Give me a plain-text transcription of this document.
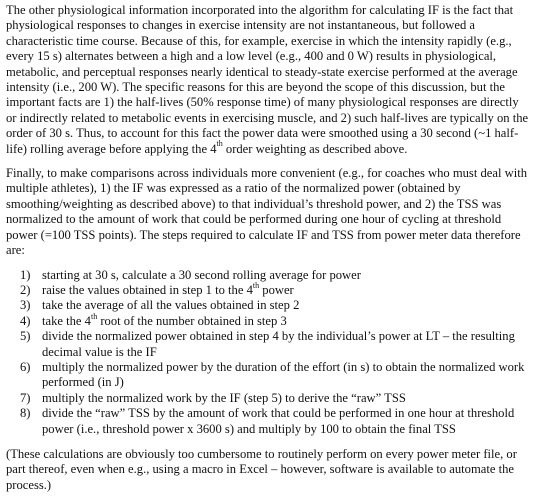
The other physiological information incorporated into the algorithm for calculating IF is the fact that physiological responses to changes in exercise intensity are not instantaneous, but followed a characteristic time course. Because of this, for example, exercise in which the intensity rapidly (e.g., every 15 s) alternates between a high and a low level (e.g., 400 and 0 W) results in physiological, metabolic, and perceptual responses nearly identical to steady-state exercise performed at the average intensity (i.e., 200 W). The specific reasons for this are beyond the scope of this discussion, but the important facts are 1) the half-lives (50% response time) of many physiological responses are directly or indirectly related to metabolic events in exercising muscle, and 2) such half-lives are typically on the order of 30 s. Thus, to account for this fact the power data were smoothed using a 30 second (~1 half-life) rolling average before applying the 4th order weighting as described above.

Finally, to make comparisons across individuals more convenient (e.g., for coaches who must deal with multiple athletes), 1) the IF was expressed as a ratio of the normalized power (obtained by smoothing/weighting as described above) to that individual’s threshold power, and 2) the TSS was normalized to the amount of work that could be performed during one hour of cycling at threshold power (=100 TSS points). The steps required to calculate IF and TSS from power meter data therefore are:

1) starting at 30 s, calculate a 30 second rolling average for power
2) raise the values obtained in step 1 to the 4th power
3) take the average of all the values obtained in step 2
4) take the 4th root of the number obtained in step 3
5) divide the normalized power obtained in step 4 by the individual’s power at LT – the resulting decimal value is the IF
6) multiply the normalized power by the duration of the effort (in s) to obtain the normalized work performed (in J)
7) multiply the normalized work by the IF (step 5) to derive the “raw” TSS
8) divide the “raw” TSS by the amount of work that could be performed in one hour at threshold power (i.e., threshold power x 3600 s) and multiply by 100 to obtain the final TSS

(These calculations are obviously too cumbersome to routinely perform on every power meter file, or part thereof, even when e.g., using a macro in Excel – however, software is available to automate the process.)
